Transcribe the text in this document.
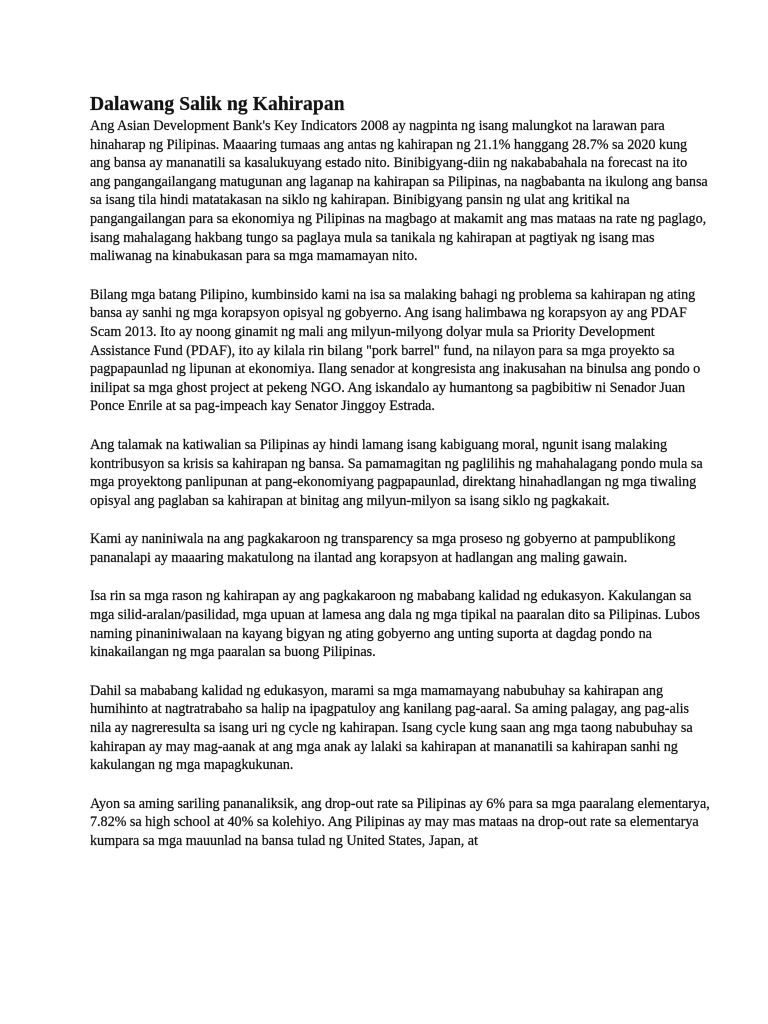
Dalawang Salik ng Kahirapan

Ang Asian Development Bank's Key Indicators 2008 ay nagpinta ng isang malungkot na larawan para hinaharap ng Pilipinas. Maaaring tumaas ang antas ng kahirapan ng 21.1% hanggang 28.7% sa 2020 kung ang bansa ay mananatili sa kasalukuyang estado nito. Binibigyang-diin ng nakababahala na forecast na ito ang pangangailangang matugunan ang laganap na kahirapan sa Pilipinas, na nagbabanta na ikulong ang bansa sa isang tila hindi matatakasan na siklo ng kahirapan. Binibigyang pansin ng ulat ang kritikal na pangangailangan para sa ekonomiya ng Pilipinas na magbago at makamit ang mas mataas na rate ng paglago, isang mahalagang hakbang tungo sa paglaya mula sa tanikala ng kahirapan at pagtiyak ng isang mas maliwanag na kinabukasan para sa mga mamamayan nito.

Bilang mga batang Pilipino, kumbinsido kami na isa sa malaking bahagi ng problema sa kahirapan ng ating bansa ay sanhi ng mga korapsyon opisyal ng gobyerno. Ang isang halimbawa ng korapsyon ay ang PDAF Scam 2013. Ito ay noong ginamit ng mali ang milyun-milyong dolyar mula sa Priority Development Assistance Fund (PDAF), ito ay kilala rin bilang "pork barrel" fund, na nilayon para sa mga proyekto sa pagpapaunlad ng lipunan at ekonomiya. Ilang senador at kongresista ang inakusahan na binulsa ang pondo o inilipat sa mga ghost project at pekeng NGO. Ang iskandalo ay humantong sa pagbibitiw ni Senador Juan Ponce Enrile at sa pag-impeach kay Senator Jinggoy Estrada.

Ang talamak na katiwalian sa Pilipinas ay hindi lamang isang kabiguang moral, ngunit isang malaking kontribusyon sa krisis sa kahirapan ng bansa. Sa pamamagitan ng paglilihis ng mahahalagang pondo mula sa mga proyektong panlipunan at pang-ekonomiyang pagpapaunlad, direktang hinahadlangan ng mga tiwaling opisyal ang paglaban sa kahirapan at binitag ang milyun-milyon sa isang siklo ng pagkakait.

Kami ay naniniwala na ang pagkakaroon ng transparency sa mga proseso ng gobyerno at pampublikong pananalapi ay maaaring makatulong na ilantad ang korapsyon at hadlangan ang maling gawain.

Isa rin sa mga rason ng kahirapan ay ang pagkakaroon ng mababang kalidad ng edukasyon. Kakulangan sa mga silid-aralan/pasilidad, mga upuan at lamesa ang dala ng mga tipikal na paaralan dito sa Pilipinas. Lubos naming pinaniniwalaan na kayang bigyan ng ating gobyerno ang unting suporta at dagdag pondo na kinakailangan ng mga paaralan sa buong Pilipinas.

Dahil sa mababang kalidad ng edukasyon, marami sa mga mamamayang nabubuhay sa kahirapan ang humihinto at nagtratrabaho sa halip na ipagpatuloy ang kanilang pag-aaral. Sa aming palagay, ang pag-alis nila ay nagreresulta sa isang uri ng cycle ng kahirapan. Isang cycle kung saan ang mga taong nabubuhay sa kahirapan ay may mag-aanak at ang mga anak ay lalaki sa kahirapan at mananatili sa kahirapan sanhi ng kakulangan ng mga mapagkukunan.

Ayon sa aming sariling pananaliksik, ang drop-out rate sa Pilipinas ay 6% para sa mga paaralang elementarya, 7.82% sa high school at 40% sa kolehiyo. Ang Pilipinas ay may mas mataas na drop-out rate sa elementarya kumpara sa mga mauunlad na bansa tulad ng United States, Japan, at
